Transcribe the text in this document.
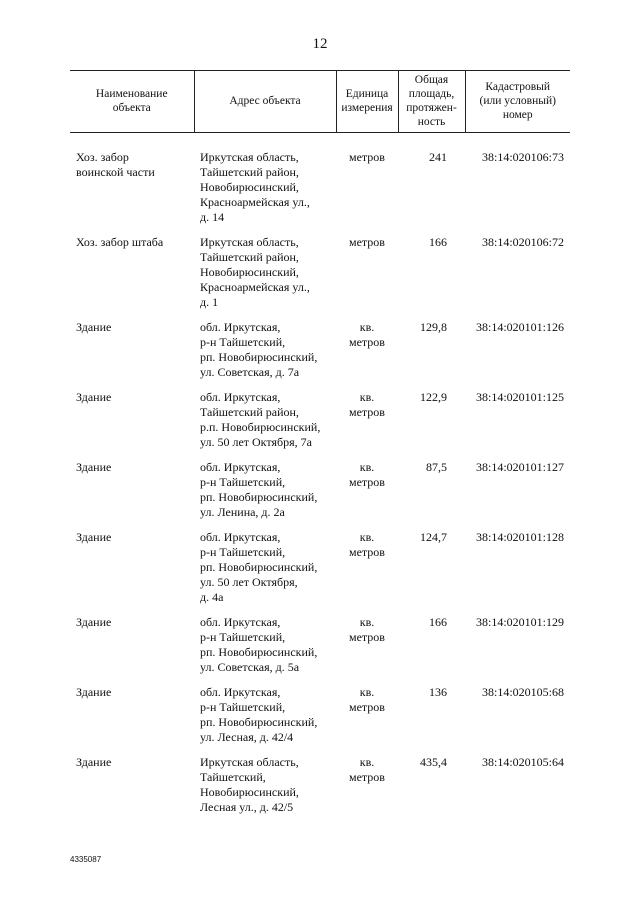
12
Наименование
объекта	Адрес объекта	Единица
измерения	Общая
площадь,
протяжен-
ность	Кадастровый
(или условный)
номер
Хоз. забор
воинской части	Иркутская область,
Тайшетский район,
Новобирюсинский,
Красноармейская ул.,
д. 14	метров	241	38:14:020106:73
Хоз. забор штаба	Иркутская область,
Тайшетский район,
Новобирюсинский,
Красноармейская ул.,
д. 1	метров	166	38:14:020106:72
Здание	обл. Иркутская,
р-н Тайшетский,
рп. Новобирюсинский,
ул. Советская, д. 7а	кв.
метров	129,8	38:14:020101:126
Здание	обл. Иркутская,
Тайшетский район,
р.п. Новобирюсинский,
ул. 50 лет Октября, 7а	кв.
метров	122,9	38:14:020101:125
Здание	обл. Иркутская,
р-н Тайшетский,
рп. Новобирюсинский,
ул. Ленина, д. 2а	кв.
метров	87,5	38:14:020101:127
Здание	обл. Иркутская,
р-н Тайшетский,
рп. Новобирюсинский,
ул. 50 лет Октября,
д. 4а	кв.
метров	124,7	38:14:020101:128
Здание	обл. Иркутская,
р-н Тайшетский,
рп. Новобирюсинский,
ул. Советская, д. 5а	кв.
метров	166	38:14:020101:129
Здание	обл. Иркутская,
р-н Тайшетский,
рп. Новобирюсинский,
ул. Лесная, д. 42/4	кв.
метров	136	38:14:020105:68
Здание	Иркутская область,
Тайшетский,
Новобирюсинский,
Лесная ул., д. 42/5	кв.
метров	435,4	38:14:020105:64
4335087
